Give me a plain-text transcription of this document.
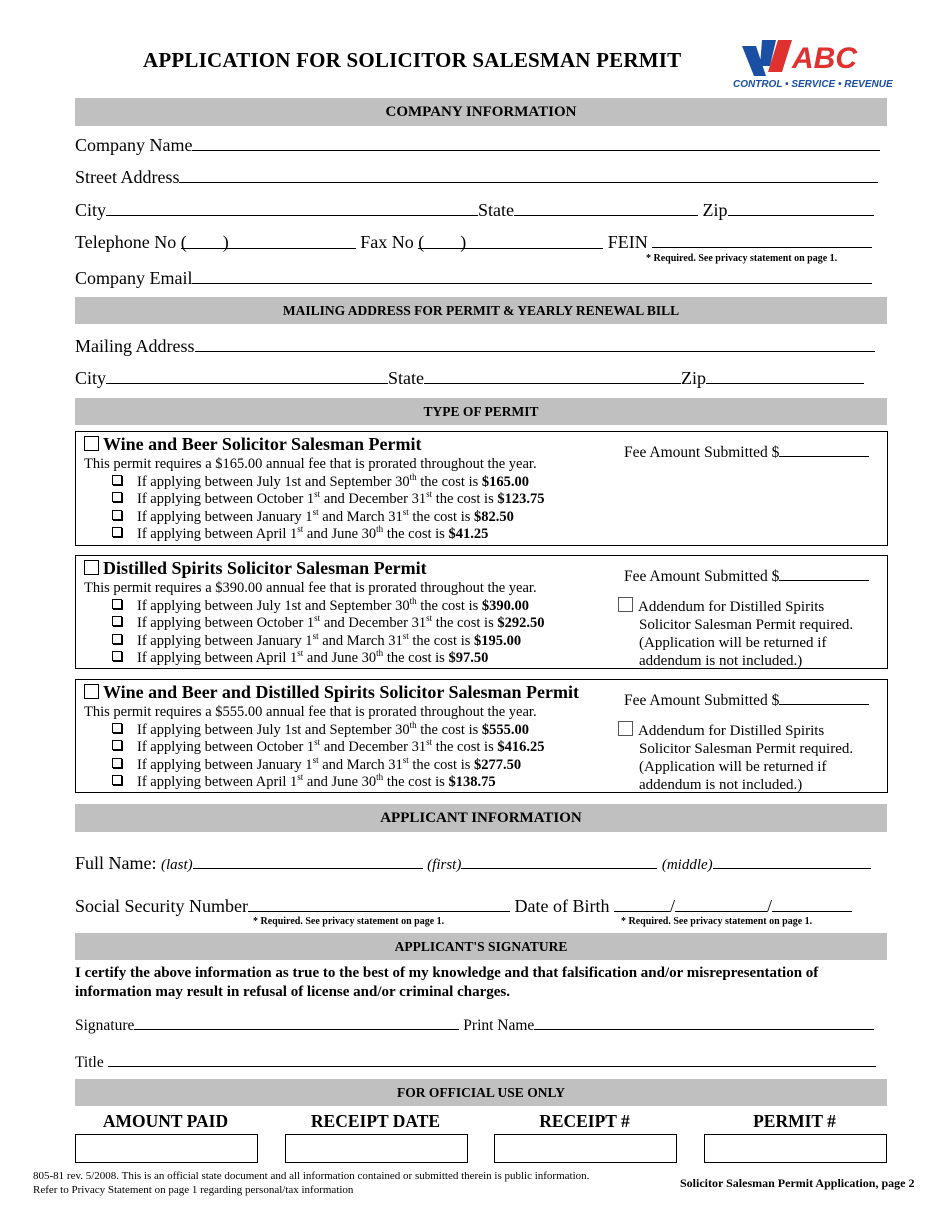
APPLICATION FOR SOLICITOR SALESMAN PERMIT	ABC
CONTROL • SERVICE • REVENUE
COMPANY INFORMATION
Company Name
Street Address
City	State	Zip
Telephone No ( )	Fax No ( )	FEIN
* Required. See privacy statement on page 1.
Company Email
MAILING ADDRESS FOR PERMIT & YEARLY RENEWAL BILL
Mailing Address
City	State	Zip
TYPE OF PERMIT
Wine and Beer Solicitor Salesman Permit
This permit requires a $165.00 annual fee that is prorated throughout the year.
If applying between July 1st and September 30th the cost is $165.00
If applying between October 1st and December 31st the cost is $123.75
If applying between January 1st and March 31st the cost is $82.50
If applying between April 1st and June 30th the cost is $41.25
Fee Amount Submitted $
Distilled Spirits Solicitor Salesman Permit
This permit requires a $390.00 annual fee that is prorated throughout the year.
If applying between July 1st and September 30th the cost is $390.00
If applying between October 1st and December 31st the cost is $292.50
If applying between January 1st and March 31st the cost is $195.00
If applying between April 1st and June 30th the cost is $97.50
Fee Amount Submitted $
Addendum for Distilled Spirits
Solicitor Salesman Permit required.
(Application will be returned if
addendum is not included.)
Wine and Beer and Distilled Spirits Solicitor Salesman Permit
This permit requires a $555.00 annual fee that is prorated throughout the year.
If applying between July 1st and September 30th the cost is $555.00
If applying between October 1st and December 31st the cost is $416.25
If applying between January 1st and March 31st the cost is $277.50
If applying between April 1st and June 30th the cost is $138.75
Fee Amount Submitted $
Addendum for Distilled Spirits
Solicitor Salesman Permit required.
(Application will be returned if
addendum is not included.)
APPLICANT INFORMATION
Full Name: (last)	(first)	(middle)
Social Security Number	Date of Birth	/	/
* Required. See privacy statement on page 1.	* Required. See privacy statement on page 1.
APPLICANT'S SIGNATURE
I certify the above information as true to the best of my knowledge and that falsification and/or misrepresentation of information may result in refusal of license and/or criminal charges.
Signature	Print Name
Title
FOR OFFICIAL USE ONLY
AMOUNT PAID	RECEIPT DATE	RECEIPT #	PERMIT #
805-81 rev. 5/2008. This is an official state document and all information contained or submitted therein is public information.
Refer to Privacy Statement on page 1 regarding personal/tax information	Solicitor Salesman Permit Application, page 2
